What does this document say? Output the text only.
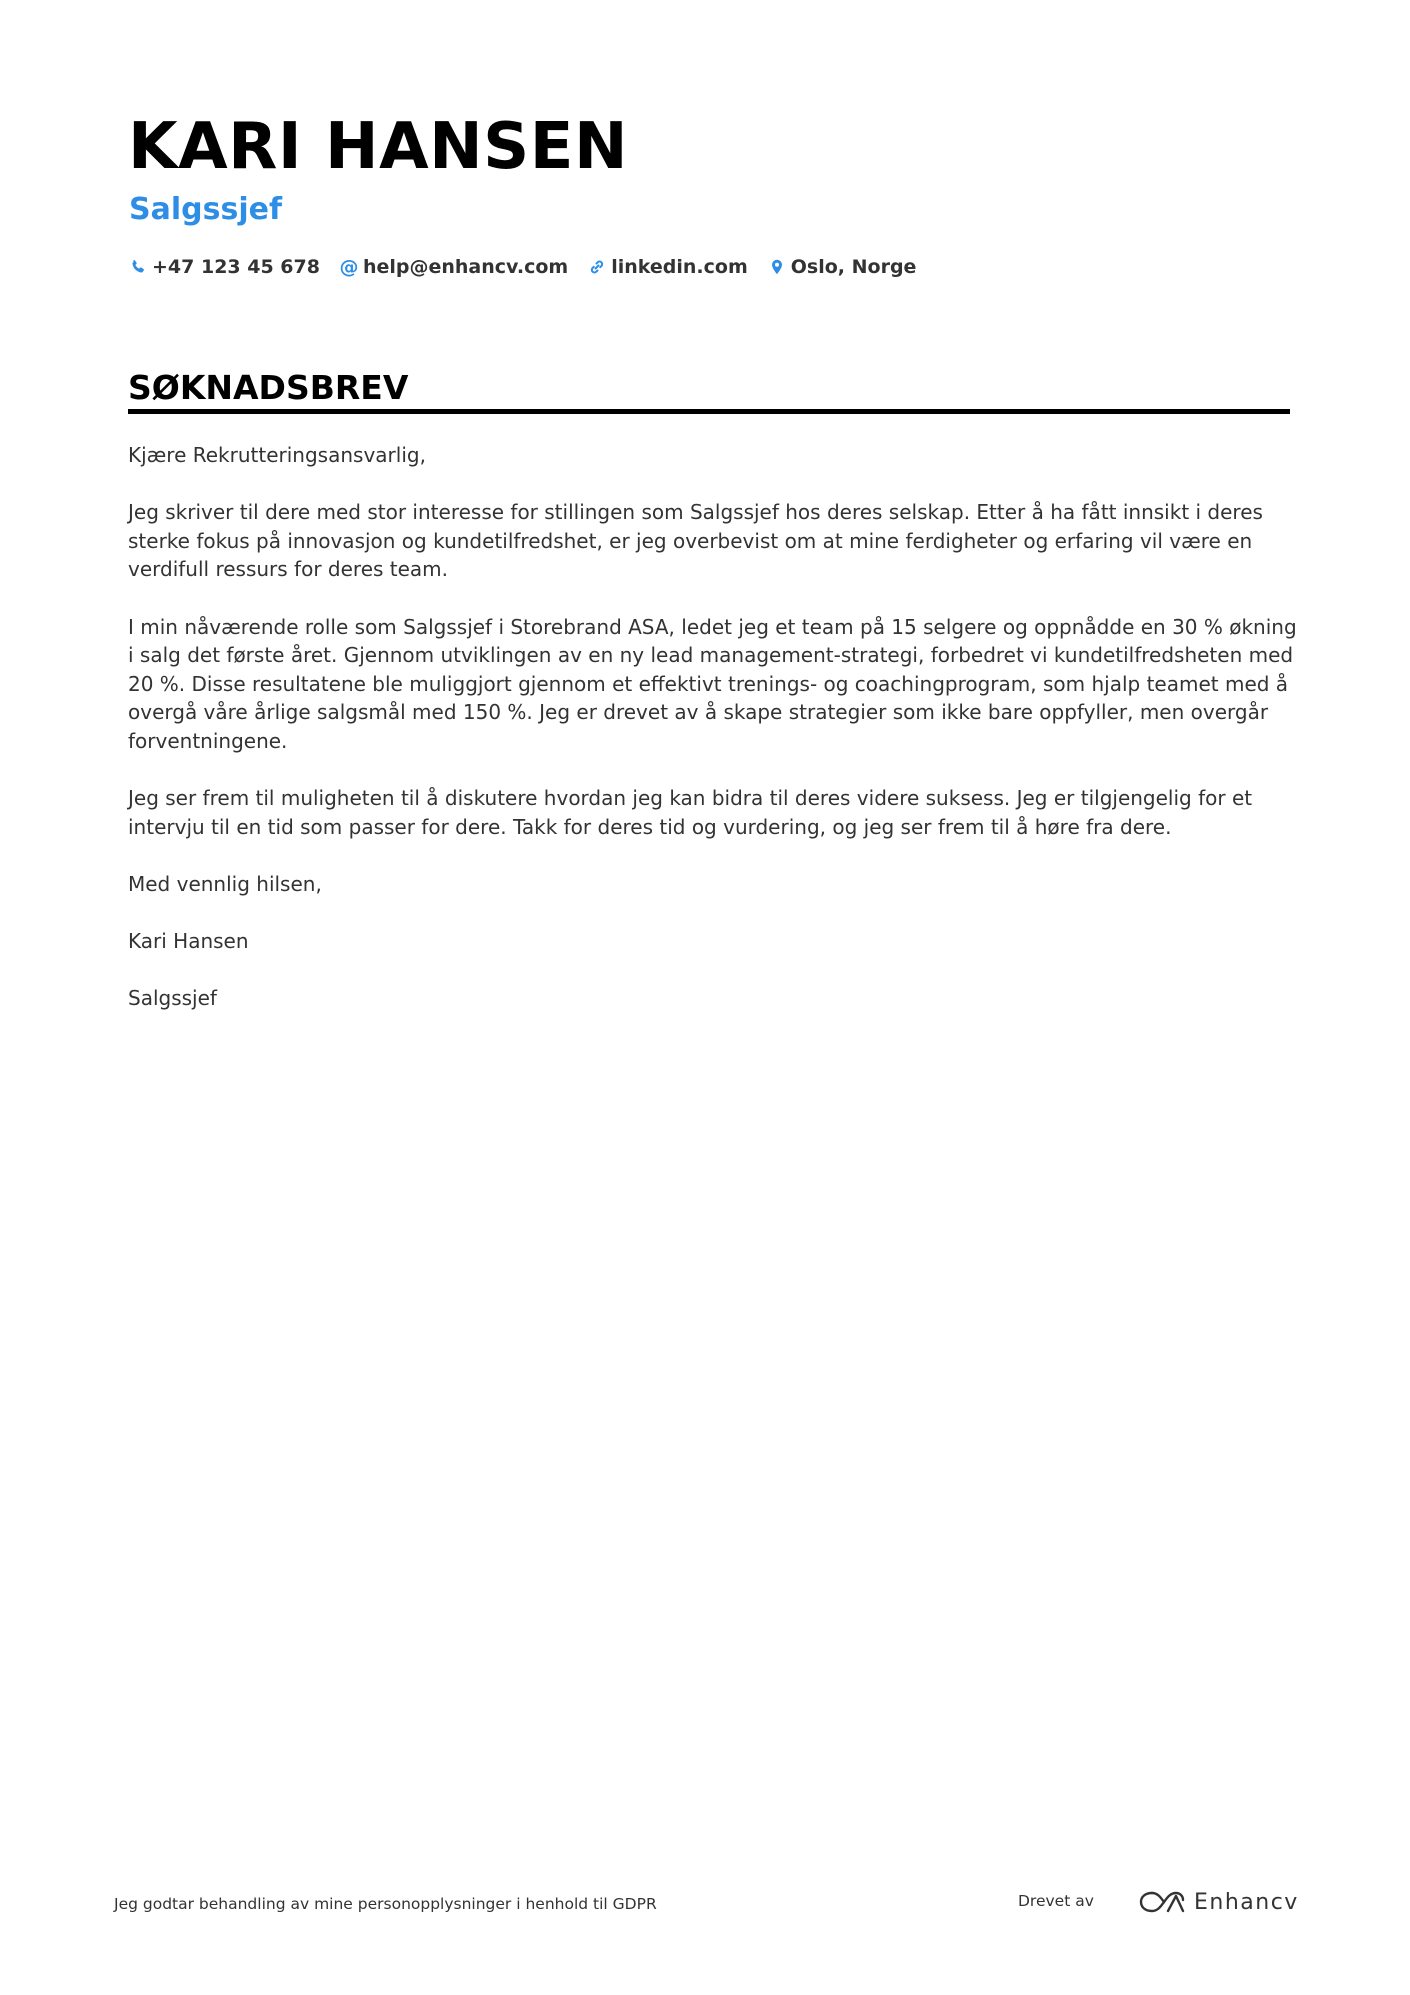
KARI HANSEN
Salgssjef
+47 123 45 678 @ help@enhancv.com linkedin.com Oslo, Norge
SØKNADSBREV

Kjære Rekrutteringsansvarlig,

Jeg skriver til dere med stor interesse for stillingen som Salgssjef hos deres selskap. Etter å ha fått innsikt i deres sterke fokus på innovasjon og kundetilfredshet, er jeg overbevist om at mine ferdigheter og erfaring vil være en verdifull ressurs for deres team.

I min nåværende rolle som Salgssjef i Storebrand ASA, ledet jeg et team på 15 selgere og oppnådde en 30 % økning i salg det første året. Gjennom utviklingen av en ny lead management-strategi, forbedret vi kundetilfredsheten med 20 %. Disse resultatene ble muliggjort gjennom et effektivt trenings- og coachingprogram, som hjalp teamet med å overgå våre årlige salgsmål med 150 %. Jeg er drevet av å skape strategier som ikke bare oppfyller, men overgår forventningene.

Jeg ser frem til muligheten til å diskutere hvordan jeg kan bidra til deres videre suksess. Jeg er tilgjengelig for et intervju til en tid som passer for dere. Takk for deres tid og vurdering, og jeg ser frem til å høre fra dere.

Med vennlig hilsen,

Kari Hansen

Salgssjef

Jeg godtar behandling av mine personopplysninger i henhold til GDPR	Drevet av	Enhancv
